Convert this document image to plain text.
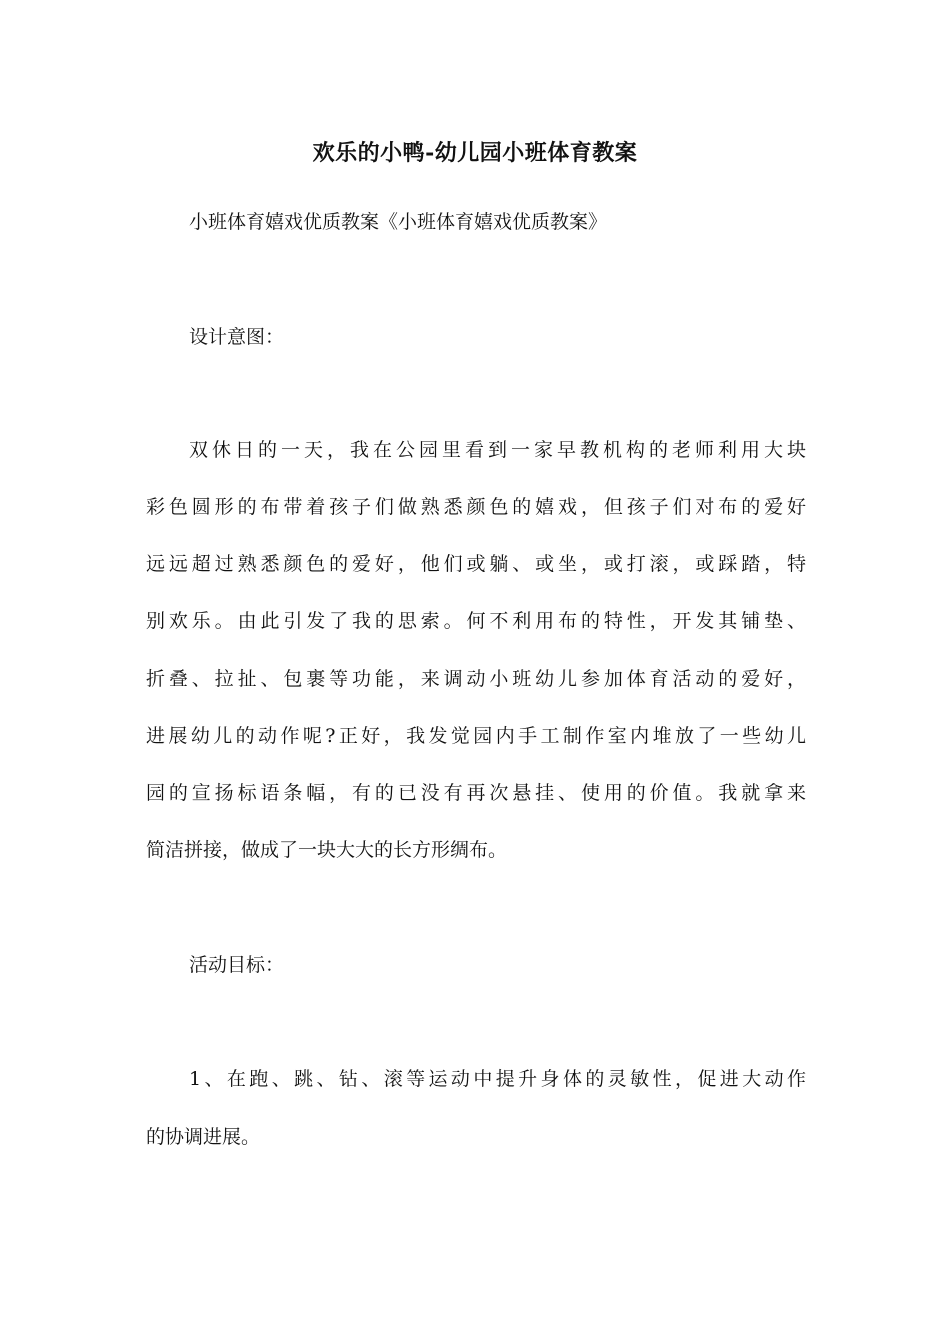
欢乐的小鸭-幼儿园小班体育教案
小班体育嬉戏优质教案《小班体育嬉戏优质教案》
设计意图：
双休日的一天，我在公园里看到一家早教机构的老师利用大块
彩色圆形的布带着孩子们做熟悉颜色的嬉戏，但孩子们对布的爱好
远远超过熟悉颜色的爱好，他们或躺、或坐，或打滚，或踩踏，特
别欢乐。由此引发了我的思索。何不利用布的特性，开发其铺垫、
折叠、拉扯、包裹等功能，来调动小班幼儿参加体育活动的爱好，
进展幼儿的动作呢?正好，我发觉园内手工制作室内堆放了一些幼儿
园的宣扬标语条幅，有的已没有再次悬挂、使用的价值。我就拿来
简洁拼接，做成了一块大大的长方形绸布。
活动目标：
1、在跑、跳、钻、滚等运动中提升身体的灵敏性，促进大动作
的协调进展。
